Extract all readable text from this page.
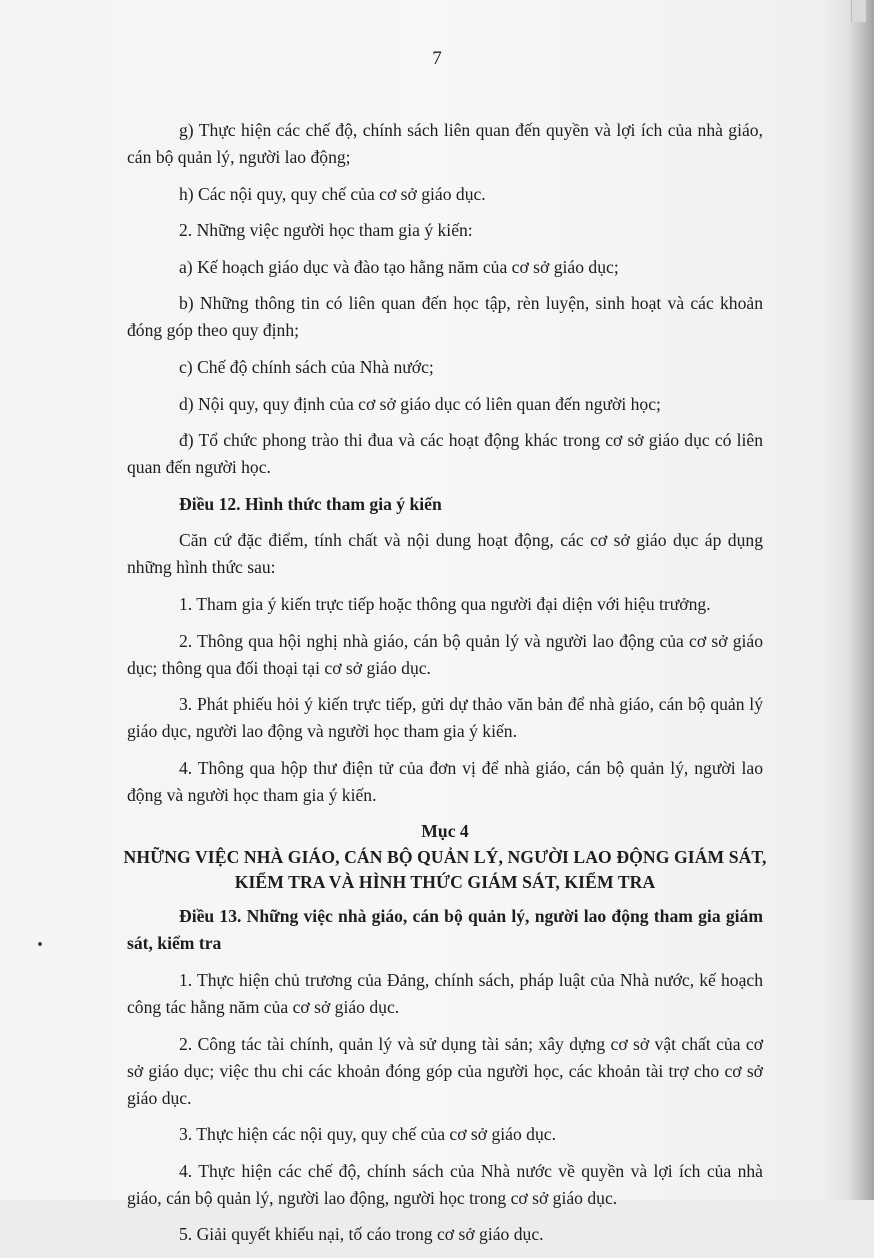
7

g) Thực hiện các chế độ, chính sách liên quan đến quyền và lợi ích của nhà giáo, cán bộ quản lý, người lao động;

h) Các nội quy, quy chế của cơ sở giáo dục.

2. Những việc người học tham gia ý kiến:

a) Kế hoạch giáo dục và đào tạo hằng năm của cơ sở giáo dục;

b) Những thông tin có liên quan đến học tập, rèn luyện, sinh hoạt và các khoản đóng góp theo quy định;

c) Chế độ chính sách của Nhà nước;

d) Nội quy, quy định của cơ sở giáo dục có liên quan đến người học;

đ) Tổ chức phong trào thi đua và các hoạt động khác trong cơ sở giáo dục có liên quan đến người học.

Điều 12. Hình thức tham gia ý kiến

Căn cứ đặc điểm, tính chất và nội dung hoạt động, các cơ sở giáo dục áp dụng những hình thức sau:

1. Tham gia ý kiến trực tiếp hoặc thông qua người đại diện với hiệu trưởng.

2. Thông qua hội nghị nhà giáo, cán bộ quản lý và người lao động của cơ sở giáo dục; thông qua đối thoại tại cơ sở giáo dục.

3. Phát phiếu hỏi ý kiến trực tiếp, gửi dự thảo văn bản để nhà giáo, cán bộ quản lý giáo dục, người lao động và người học tham gia ý kiến.

4. Thông qua hộp thư điện tử của đơn vị để nhà giáo, cán bộ quản lý, người lao động và người học tham gia ý kiến.

Mục 4

NHỮNG VIỆC NHÀ GIÁO, CÁN BỘ QUẢN LÝ, NGƯỜI LAO ĐỘNG GIÁM SÁT, KIỂM TRA VÀ HÌNH THỨC GIÁM SÁT, KIỂM TRA

Điều 13. Những việc nhà giáo, cán bộ quản lý, người lao động tham gia giám sát, kiểm tra

1. Thực hiện chủ trương của Đảng, chính sách, pháp luật của Nhà nước, kế hoạch công tác hằng năm của cơ sở giáo dục.

2. Công tác tài chính, quản lý và sử dụng tài sản; xây dựng cơ sở vật chất của cơ sở giáo dục; việc thu chi các khoản đóng góp của người học, các khoản tài trợ cho cơ sở giáo dục.

3. Thực hiện các nội quy, quy chế của cơ sở giáo dục.

4. Thực hiện các chế độ, chính sách của Nhà nước về quyền và lợi ích của nhà giáo, cán bộ quản lý, người lao động, người học trong cơ sở giáo dục.

5. Giải quyết khiếu nại, tố cáo trong cơ sở giáo dục.
